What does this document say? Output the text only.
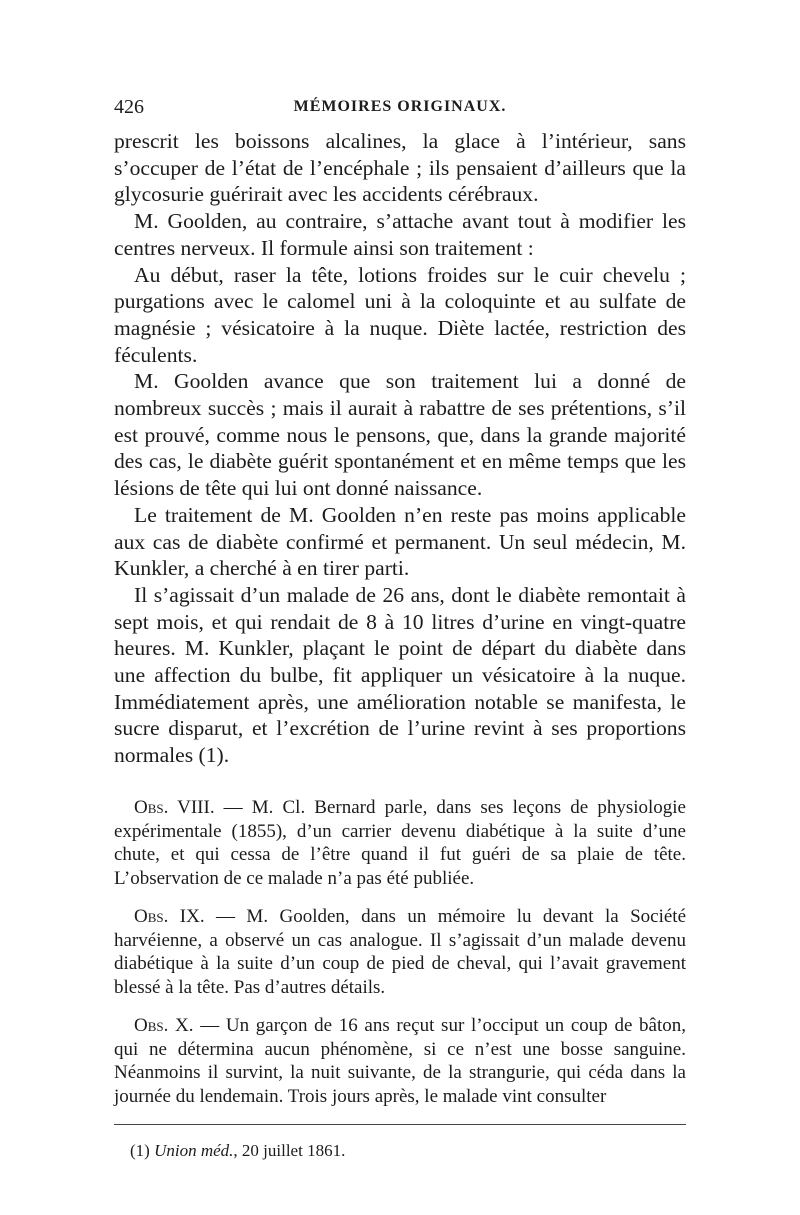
426	MÉMOIRES ORIGINAUX.

prescrit les boissons alcalines, la glace à l’intérieur, sans s’occuper de l’état de l’encéphale ; ils pensaient d’ailleurs que la glycosurie guérirait avec les accidents cérébraux.

M. Goolden, au contraire, s’attache avant tout à modifier les centres nerveux. Il formule ainsi son traitement :

Au début, raser la tête, lotions froides sur le cuir chevelu ; purgations avec le calomel uni à la coloquinte et au sulfate de magnésie ; vésicatoire à la nuque. Diète lactée, restriction des féculents.

M. Goolden avance que son traitement lui a donné de nombreux succès ; mais il aurait à rabattre de ses prétentions, s’il est prouvé, comme nous le pensons, que, dans la grande majorité des cas, le diabète guérit spontanément et en même temps que les lésions de tête qui lui ont donné naissance.

Le traitement de M. Goolden n’en reste pas moins applicable aux cas de diabète confirmé et permanent. Un seul médecin, M. Kunkler, a cherché à en tirer parti.

Il s’agissait d’un malade de 26 ans, dont le diabète remontait à sept mois, et qui rendait de 8 à 10 litres d’urine en vingt-quatre heures. M. Kunkler, plaçant le point de départ du diabète dans une affection du bulbe, fit appliquer un vésicatoire à la nuque. Immédiatement après, une amélioration notable se manifesta, le sucre disparut, et l’excrétion de l’urine revint à ses proportions normales (1).

Obs. VIII. — M. Cl. Bernard parle, dans ses leçons de physiologie expérimentale (1855), d’un carrier devenu diabétique à la suite d’une chute, et qui cessa de l’être quand il fut guéri de sa plaie de tête. L’observation de ce malade n’a pas été publiée.

Obs. IX. — M. Goolden, dans un mémoire lu devant la Société harvéienne, a observé un cas analogue. Il s’agissait d’un malade devenu diabétique à la suite d’un coup de pied de cheval, qui l’avait gravement blessé à la tête. Pas d’autres détails.

Obs. X. — Un garçon de 16 ans reçut sur l’occiput un coup de bâton, qui ne détermina aucun phénomène, si ce n’est une bosse sanguine. Néanmoins il survint, la nuit suivante, de la strangurie, qui céda dans la journée du lendemain. Trois jours après, le malade vint consulter

(1) Union méd., 20 juillet 1861.
